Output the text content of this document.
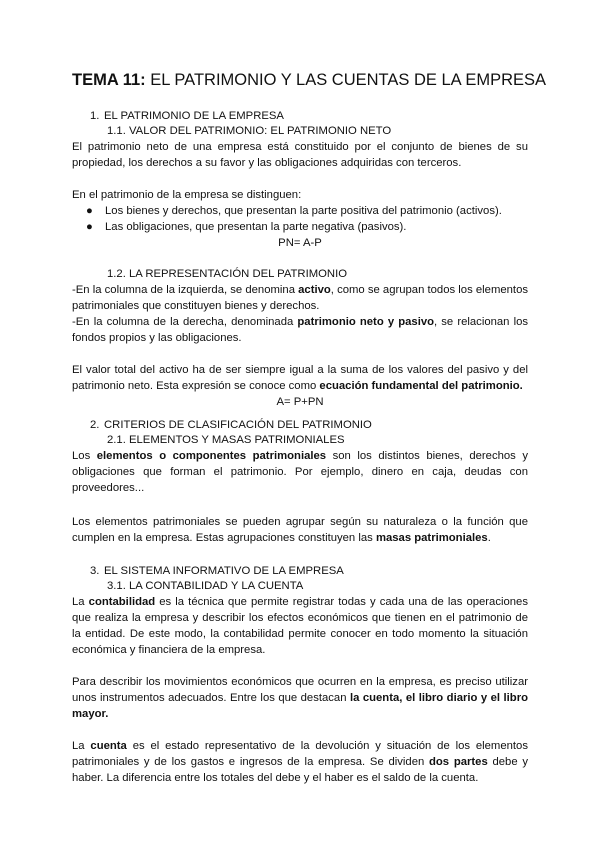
TEMA 11: EL PATRIMONIO Y LAS CUENTAS DE LA EMPRESA
1. EL PATRIMONIO DE LA EMPRESA
1.1. VALOR DEL PATRIMONIO: EL PATRIMONIO NETO

El patrimonio neto de una empresa está constituido por el conjunto de bienes de su propiedad, los derechos a su favor y las obligaciones adquiridas con terceros.

En el patrimonio de la empresa se distinguen:

● Los bienes y derechos, que presentan la parte positiva del patrimonio (activos).
● Las obligaciones, que presentan la parte negativa (pasivos).

PN= A-P

1.2. LA REPRESENTACIÓN DEL PATRIMONIO

-En la columna de la izquierda, se denomina activo, como se agrupan todos los elementos patrimoniales que constituyen bienes y derechos.

-En la columna de la derecha, denominada patrimonio neto y pasivo, se relacionan los fondos propios y las obligaciones.

El valor total del activo ha de ser siempre igual a la suma de los valores del pasivo y del patrimonio neto. Esta expresión se conoce como ecuación fundamental del patrimonio.

A= P+PN

2. CRITERIOS DE CLASIFICACIÓN DEL PATRIMONIO
2.1. ELEMENTOS Y MASAS PATRIMONIALES

Los elementos o componentes patrimoniales son los distintos bienes, derechos y obligaciones que forman el patrimonio. Por ejemplo, dinero en caja, deudas con proveedores...

Los elementos patrimoniales se pueden agrupar según su naturaleza o la función que cumplen en la empresa. Estas agrupaciones constituyen las masas patrimoniales.

3. EL SISTEMA INFORMATIVO DE LA EMPRESA
3.1. LA CONTABILIDAD Y LA CUENTA

La contabilidad es la técnica que permite registrar todas y cada una de las operaciones que realiza la empresa y describir los efectos económicos que tienen en el patrimonio de la entidad. De este modo, la contabilidad permite conocer en todo momento la situación económica y financiera de la empresa.

Para describir los movimientos económicos que ocurren en la empresa, es preciso utilizar unos instrumentos adecuados. Entre los que destacan la cuenta, el libro diario y el libro mayor.

La cuenta es el estado representativo de la devolución y situación de los elementos patrimoniales y de los gastos e ingresos de la empresa. Se dividen dos partes debe y haber. La diferencia entre los totales del debe y el haber es el saldo de la cuenta.
